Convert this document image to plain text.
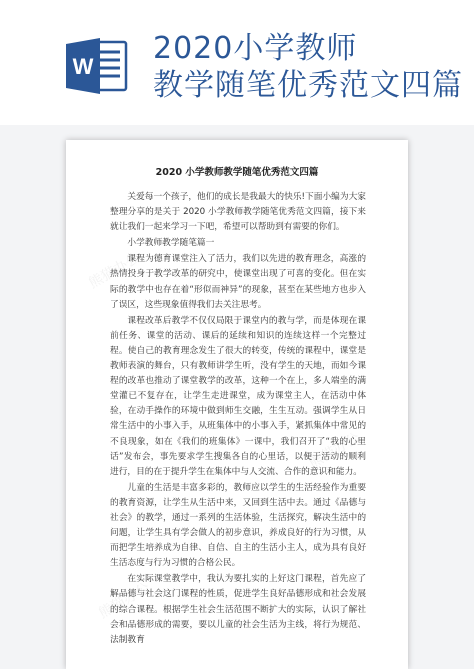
W
2020小学教师
教学随笔优秀范文四篇
熊猫办公
熊猫办公
熊猫办公
2020 小学教师教学随笔优秀范文四篇

关爱每一个孩子，他们的成长是我最大的快乐!下面小编为大家整理分享的是关于 2020 小学教师教学随笔优秀范文四篇，接下来就让我们一起来学习一下吧，希望可以帮助到有需要的你们。

小学教师教学随笔篇一

课程为德育课堂注入了活力，我们以先进的教育理念，高涨的热情投身于教学改革的研究中，使课堂出现了可喜的变化。但在实际的教学中也存在着“形似而神异”的现象，甚至在某些地方也步入了误区，这些现象值得我们去关注思考。

课程改革后教学不仅仅局限于课堂内的教与学，而是体现在课前任务、课堂的活动、课后的延续和知识的连续这样一个完整过程。使自己的教育理念发生了很大的转变，传统的课程中，课堂是教师表演的舞台，只有教师讲学生听，没有学生的天地，而如今课程的改革也推动了课堂教学的改革，这种一个在上，多人端坐的满堂灌已不复存在，让学生走进课堂，成为课堂主人，在活动中体验，在动手操作的环境中做到师生交融，生生互动。强调学生从日常生活中的小事入手，从班集体中的小事入手，紧抓集体中常见的不良现象，如在《我们的班集体》一课中，我们召开了“我的心里话”发布会，事先要求学生搜集各自的心里话，以便于活动的顺利进行，目的在于提升学生在集体中与人交流、合作的意识和能力。

儿童的生活是丰富多彩的，教师应以学生的生活经验作为重要的教育资源，让学生从生活中来，又回到生活中去。通过《品德与社会》的教学，通过一系列的生活体验，生活探究，解决生活中的问题，让学生具有学会做人的初步意识，养成良好的行为习惯，从而把学生培养成为自律、自信、自主的生活小主人，成为具有良好生活态度与行为习惯的合格公民。

在实际课堂教学中，我认为要扎实的上好这门课程，首先应了解品德与社会这门课程的性质，促进学生良好品德形成和社会发展的综合课程。根据学生社会生活范围不断扩大的实际，认识了解社会和品德形成的需要，要以儿童的社会生活为主线，将行为规范、法制教育
